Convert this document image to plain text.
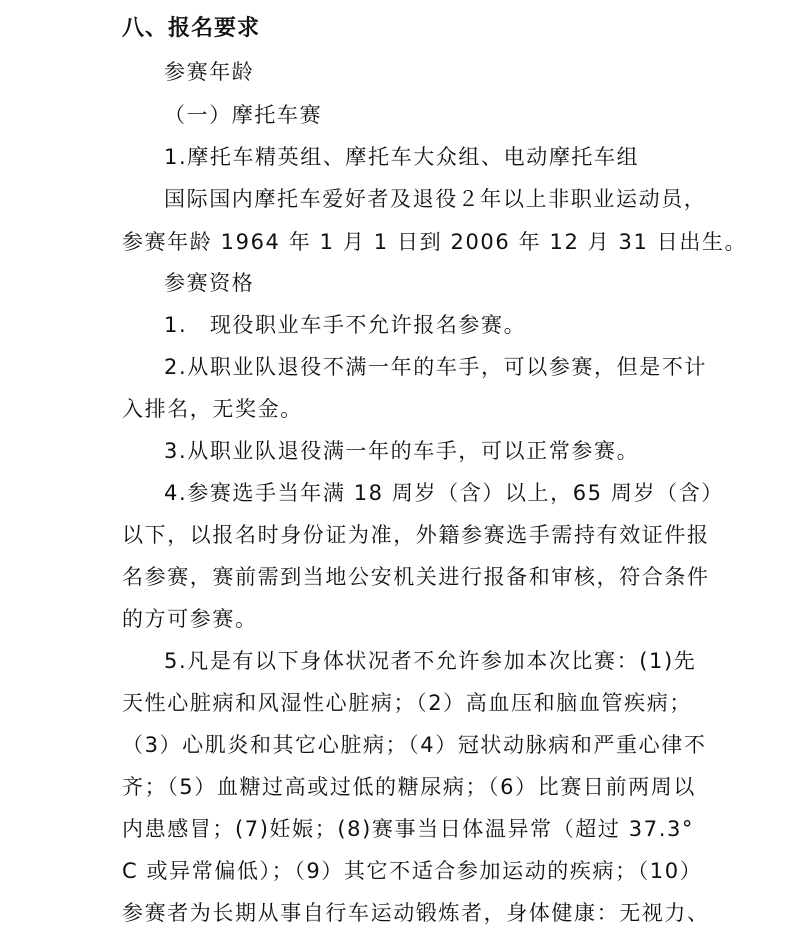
八、报名要求
参赛年龄
（一）摩托车赛
1.摩托车精英组、摩托车大众组、电动摩托车组
国际国内摩托车爱好者及退役２年以上非职业运动员，
参赛年龄 1964 年 1 月 1 日到 2006 年 12 月 31 日出生。
参赛资格
1.　现役职业车手不允许报名参赛。
2.从职业队退役不满一年的车手，可以参赛，但是不计
入排名，无奖金。
3.从职业队退役满一年的车手，可以正常参赛。
4.参赛选手当年满 18 周岁（含）以上，65 周岁（含）
以下，以报名时身份证为准，外籍参赛选手需持有效证件报
名参赛，赛前需到当地公安机关进行报备和审核，符合条件
的方可参赛。
5.凡是有以下身体状况者不允许参加本次比赛：(1)先
天性心脏病和风湿性心脏病；（2）高血压和脑血管疾病；
（3）心肌炎和其它心脏病；（4）冠状动脉病和严重心律不
齐；（5）血糖过高或过低的糖尿病；（6）比赛日前两周以
内患感冒；(7)妊娠；(8)赛事当日体温异常（超过 37.3°
C 或异常偏低）；（9）其它不适合参加运动的疾病；（10）
参赛者为长期从事自行车运动锻炼者，身体健康：无视力、
